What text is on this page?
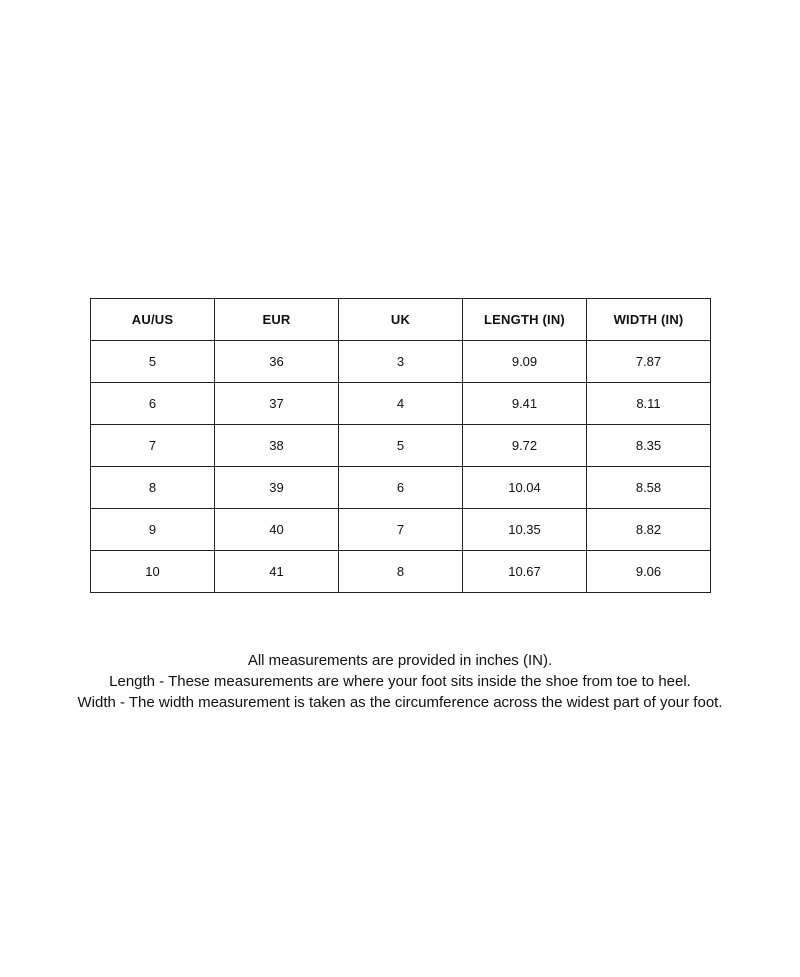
AU/US	EUR	UK	LENGTH (IN)	WIDTH (IN)
5	36	3	9.09	7.87
6	37	4	9.41	8.11
7	38	5	9.72	8.35
8	39	6	10.04	8.58
9	40	7	10.35	8.82
10	41	8	10.67	9.06

All measurements are provided in inches (IN).

Length - These measurements are where your foot sits inside the shoe from toe to heel.

Width - The width measurement is taken as the circumference across the widest part of your foot.
